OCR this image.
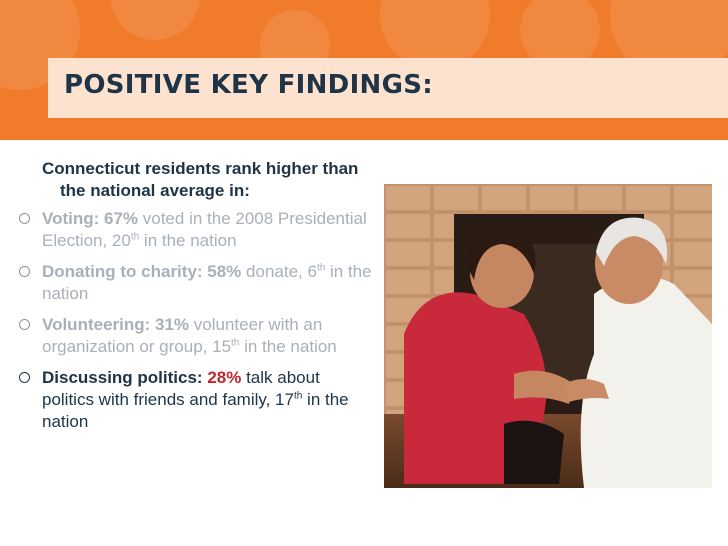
POSITIVE KEY FINDINGS:
Connecticut residents rank higher than the national average in:
Voting: 67% voted in the 2008 Presidential Election, 20th in the nation
Donating to charity: 58% donate, 6th in the nation
Volunteering: 31% volunteer with an organization or group, 15th in the nation
Discussing politics: 28% talk about politics with friends and family, 17th in the nation
